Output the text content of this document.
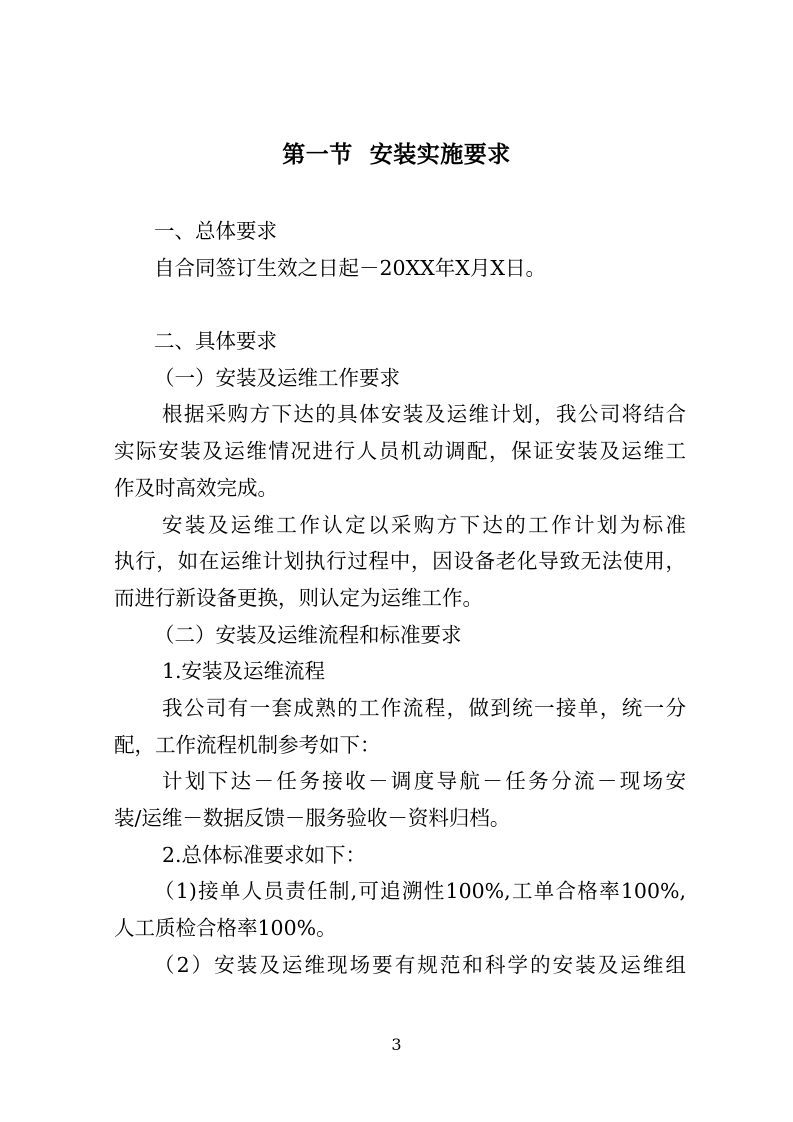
第一节  安装实施要求
一、总体要求
自合同签订生效之日起－20XX年X月X日。
二、具体要求
（一）安装及运维工作要求
根据采购方下达的具体安装及运维计划，我公司将结合
实际安装及运维情况进行人员机动调配，保证安装及运维工
作及时高效完成。
安装及运维工作认定以采购方下达的工作计划为标准
执行，如在运维计划执行过程中，因设备老化导致无法使用，
而进行新设备更换，则认定为运维工作。
（二）安装及运维流程和标准要求
1.安装及运维流程
我公司有一套成熟的工作流程，做到统一接单，统一分
配，工作流程机制参考如下：
计划下达－任务接收－调度导航－任务分流－现场安
装/运维－数据反馈－服务验收－资料归档。
2.总体标准要求如下：
（1)接单人员责任制,可追溯性100%,工单合格率100%,
人工质检合格率100%。
（2）安装及运维现场要有规范和科学的安装及运维组
3
